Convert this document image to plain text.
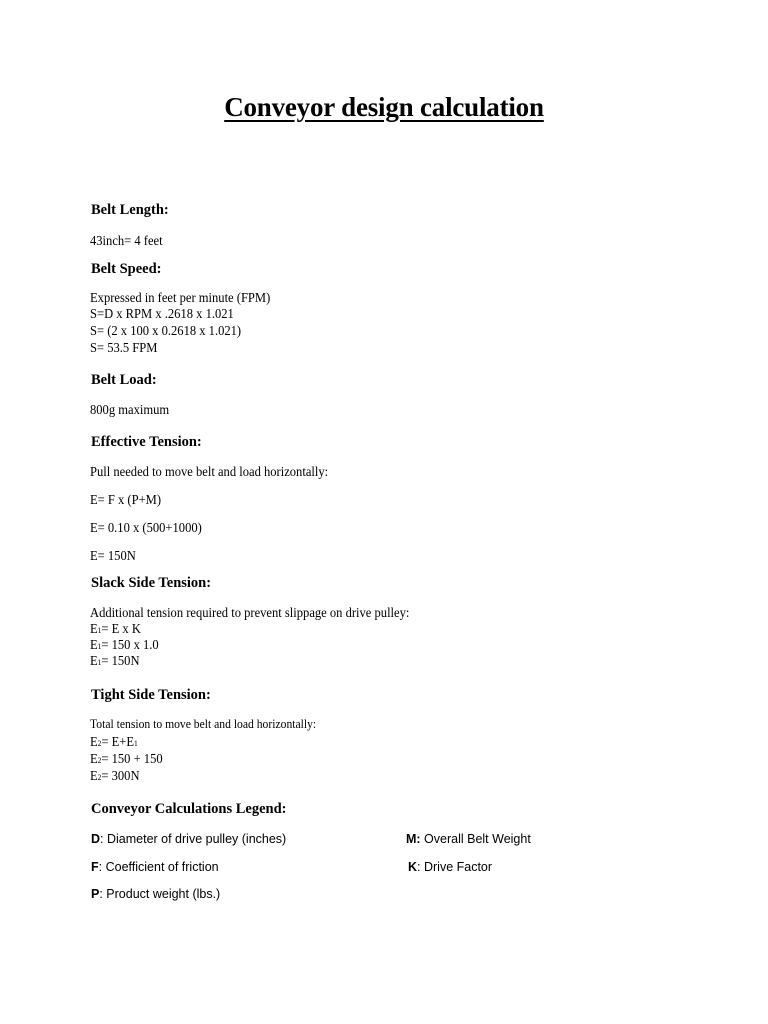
Conveyor design calculation
Belt Length:
43inch= 4 feet
Belt Speed:
Expressed in feet per minute (FPM)
S=D x RPM x .2618 x 1.021
S= (2 x 100 x 0.2618 x 1.021)
S= 53.5 FPM
Belt Load:
800g maximum
Effective Tension:
Pull needed to move belt and load horizontally:
E= F x (P+M)
E= 0.10 x (500+1000)
E= 150N
Slack Side Tension:
Additional tension required to prevent slippage on drive pulley:
E1= E x K
E1= 150 x 1.0
E1= 150N
Tight Side Tension:
Total tension to move belt and load horizontally:
E2= E+E1
E2= 150 + 150
E2= 300N
Conveyor Calculations Legend:
D: Diameter of drive pulley (inches)	M: Overall Belt Weight
F: Coefficient of friction	K: Drive Factor
P: Product weight (lbs.)
